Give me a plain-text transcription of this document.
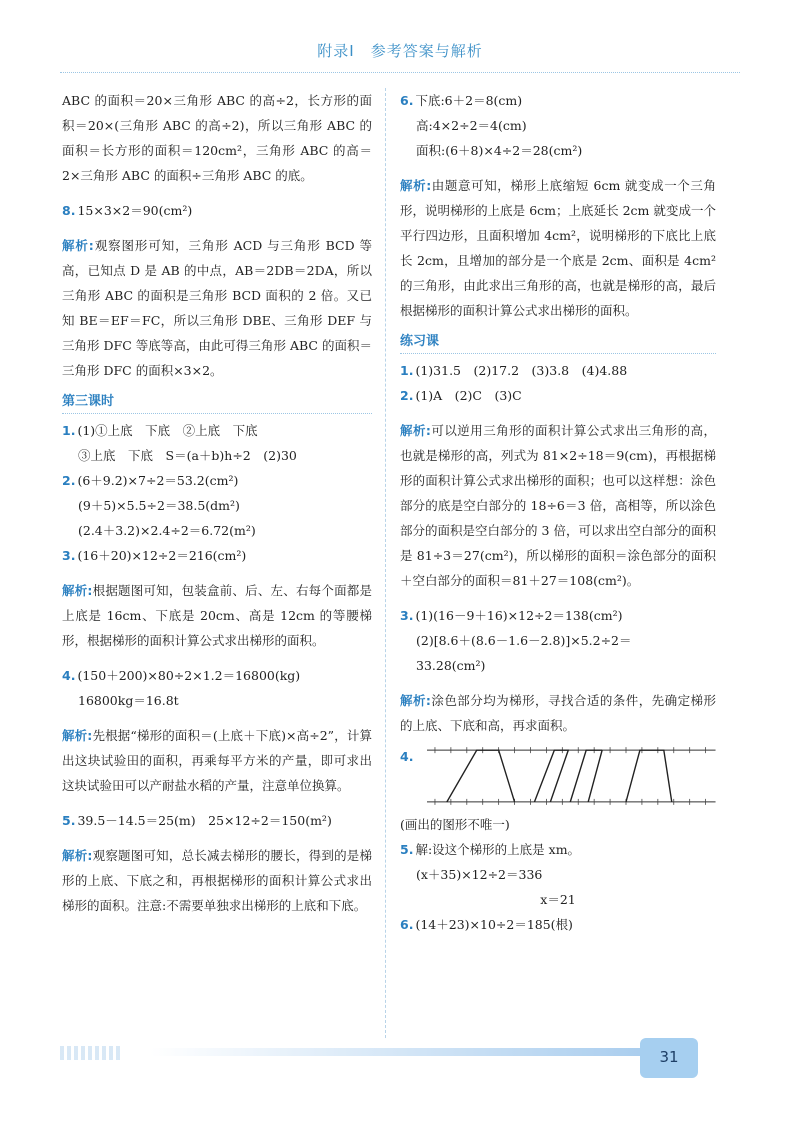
附录Ⅰ　参考答案与解析

ABC 的面积＝20×三角形 ABC 的高÷2，长方形的面积＝20×(三角形 ABC 的高÷2)，所以三角形 ABC 的面积＝长方形的面积＝120cm²，三角形 ABC 的高＝2×三角形 ABC 的面积÷三角形 ABC 的底。

8. 15×3×2＝90(cm²)

解析:观察图形可知，三角形 ACD 与三角形 BCD 等高，已知点 D 是 AB 的中点，AB＝2DB＝2DA，所以三角形 ABC 的面积是三角形 BCD 面积的 2 倍。又已知 BE＝EF＝FC，所以三角形 DBE、三角形 DEF 与三角形 DFC 等底等高，由此可得三角形 ABC 的面积＝三角形 DFC 的面积×3×2。

第三课时

1. (1)①上底　下底　②上底　下底

③上底　下底　S＝(a＋b)h÷2　(2)30

2. (6＋9.2)×7÷2＝53.2(cm²)

(9＋5)×5.5÷2＝38.5(dm²)

(2.4＋3.2)×2.4÷2＝6.72(m²)

3. (16＋20)×12÷2＝216(cm²)

解析:根据题图可知，包装盒前、后、左、右每个面都是上底是 16cm、下底是 20cm、高是 12cm 的等腰梯形，根据梯形的面积计算公式求出梯形的面积。

4. (150＋200)×80÷2×1.2＝16800(kg)

16800kg＝16.8t

解析:先根据“梯形的面积＝(上底＋下底)×高÷2”，计算出这块试验田的面积，再乘每平方米的产量，即可求出这块试验田可以产耐盐水稻的产量，注意单位换算。

5. 39.5－14.5＝25(m)　25×12÷2＝150(m²)

解析:观察题图可知，总长减去梯形的腰长，得到的是梯形的上底、下底之和，再根据梯形的面积计算公式求出梯形的面积。注意:不需要单独求出梯形的上底和下底。

6. 下底:6＋2＝8(cm)

高:4×2÷2＝4(cm)

面积:(6＋8)×4÷2＝28(cm²)

解析:由题意可知，梯形上底缩短 6cm 就变成一个三角形，说明梯形的上底是 6cm；上底延长 2cm 就变成一个平行四边形，且面积增加 4cm²，说明梯形的下底比上底长 2cm，且增加的部分是一个底是 2cm、面积是 4cm² 的三角形，由此求出三角形的高，也就是梯形的高，最后根据梯形的面积计算公式求出梯形的面积。

练习课

1. (1)31.5　(2)17.2　(3)3.8　(4)4.88

2. (1)A　(2)C　(3)C

解析:可以逆用三角形的面积计算公式求出三角形的高，也就是梯形的高，列式为 81×2÷18＝9(cm)，再根据梯形的面积计算公式求出梯形的面积；也可以这样想：涂色部分的底是空白部分的 18÷6＝3 倍，高相等，所以涂色部分的面积是空白部分的 3 倍，可以求出空白部分的面积是 81÷3＝27(cm²)，所以梯形的面积＝涂色部分的面积＋空白部分的面积＝81＋27＝108(cm²)。

3. (1)(16－9＋16)×12÷2＝138(cm²)

(2)[8.6＋(8.6－1.6－2.8)]×5.2÷2＝

33.28(cm²)

解析:涂色部分均为梯形，寻找合适的条件，先确定梯形的上底、下底和高，再求面积。

4.

(画出的图形不唯一)

5. 解:设这个梯形的上底是 xm。

(x＋35)×12÷2＝336

x＝21

6. (14＋23)×10÷2＝185(根)

31
